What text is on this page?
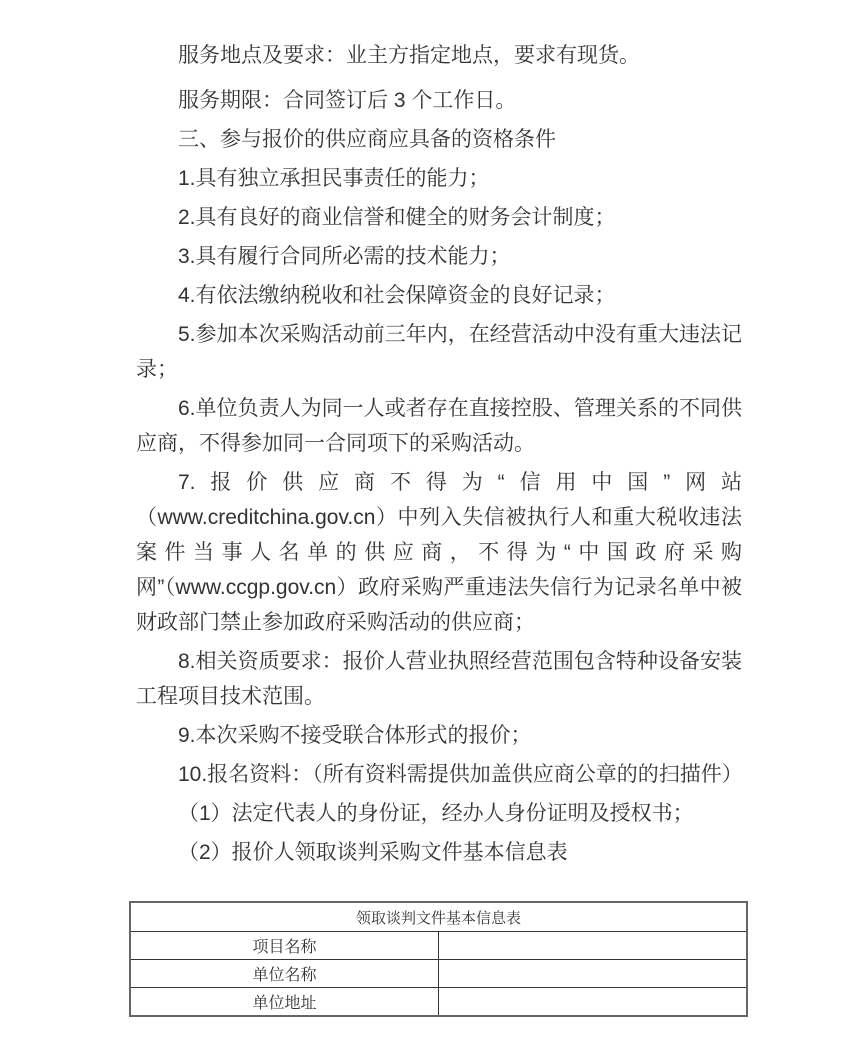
服务地点及要求：业主方指定地点，要求有现货。

服务期限：合同签订后 3 个工作日。

三、参与报价的供应商应具备的资格条件

1.具有独立承担民事责任的能力；

2.具有良好的商业信誉和健全的财务会计制度；

3.具有履行合同所必需的技术能力；

4.有依法缴纳税收和社会保障资金的良好记录；

5.参加本次采购活动前三年内，在经营活动中没有重大违法记录；

6.单位负责人为同一人或者存在直接控股、管理关系的不同供应商，不得参加同一合同项下的采购活动。

7.报价供应商不得为“信用中国”网站（www.creditchina.gov.cn）中列入失信被执行人和重大税收违法案件当事人名单的供应商，不得为“中国政府采购网”（www.ccgp.gov.cn）政府采购严重违法失信行为记录名单中被财政部门禁止参加政府采购活动的供应商；

8.相关资质要求：报价人营业执照经营范围包含特种设备安装工程项目技术范围。

9.本次采购不接受联合体形式的报价；

10.报名资料：（所有资料需提供加盖供应商公章的的扫描件）

（1）法定代表人的身份证，经办人身份证明及授权书；

（2）报价人领取谈判采购文件基本信息表

领取谈判文件基本信息表	
项目名称	
单位名称	
单位地址	
